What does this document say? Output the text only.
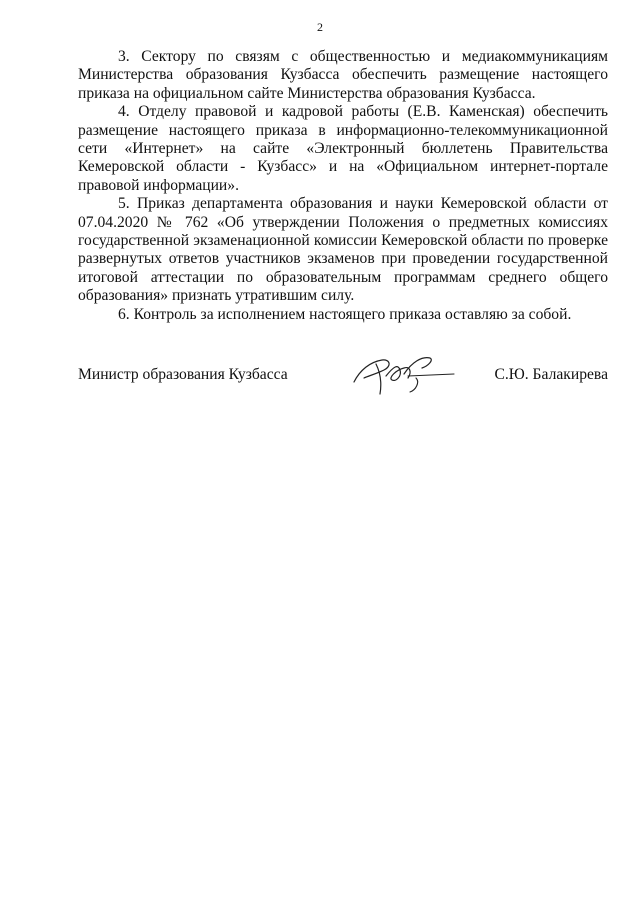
2

3. Сектору по связям с общественностью и медиакоммуникациям Министерства образования Кузбасса обеспечить размещение настоящего приказа на официальном сайте Министерства образования Кузбасса.

4. Отделу правовой и кадровой работы (Е.В. Каменская) обеспечить размещение настоящего приказа в информационно-телекоммуникационной сети «Интернет» на сайте «Электронный бюллетень Правительства Кемеровской области - Кузбасс» и на «Официальном интернет-портале правовой информации».

5. Приказ департамента образования и науки Кемеровской области от 07.04.2020 № 762 «Об утверждении Положения о предметных комиссиях государственной экзаменационной комиссии Кемеровской области по проверке развернутых ответов участников экзаменов при проведении государственной итоговой аттестации по образовательным программам среднего общего образования» признать утратившим силу.

6. Контроль за исполнением настоящего приказа оставляю за собой.

Министр образования Кузбасса	С.Ю. Балакирева
